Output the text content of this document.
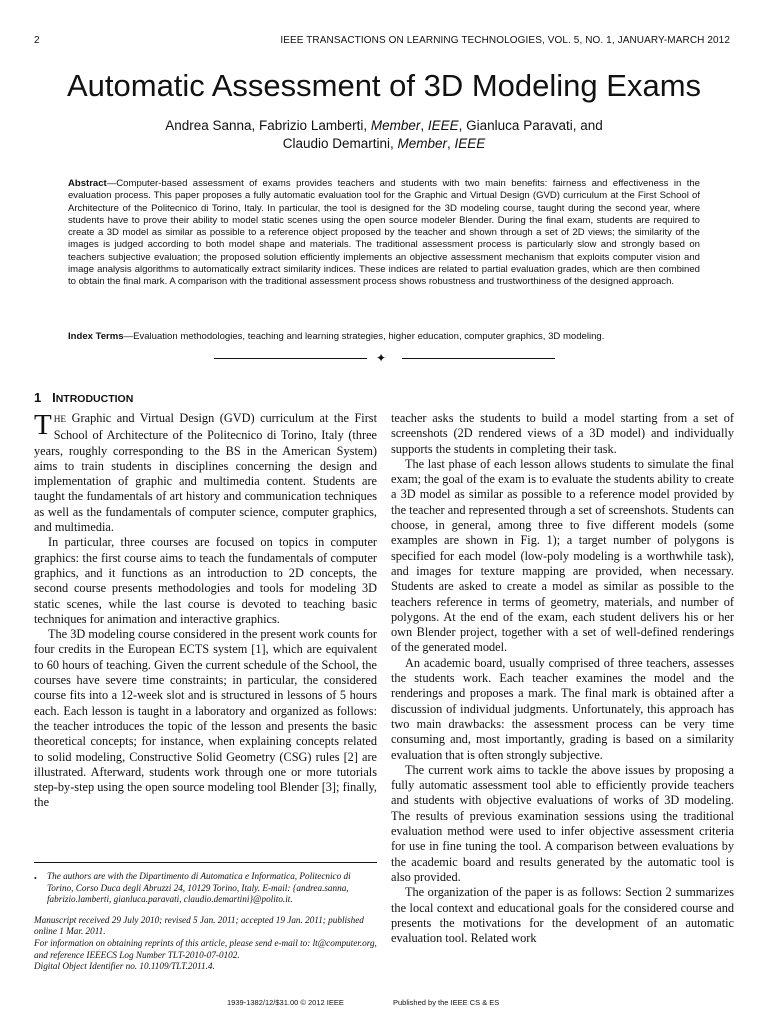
2	IEEE TRANSACTIONS ON LEARNING TECHNOLOGIES, VOL. 5, NO. 1, JANUARY-MARCH 2012
Automatic Assessment of 3D Modeling Exams
Andrea Sanna, Fabrizio Lamberti, Member, IEEE, Gianluca Paravati, and
Claudio Demartini, Member, IEEE
Abstract—Computer-based assessment of exams provides teachers and students with two main benefits: fairness and effectiveness in the evaluation process. This paper proposes a fully automatic evaluation tool for the Graphic and Virtual Design (GVD) curriculum at the First School of Architecture of the Politecnico di Torino, Italy. In particular, the tool is designed for the 3D modeling course, taught during the second year, where students have to prove their ability to model static scenes using the open source modeler Blender. During the final exam, students are required to create a 3D model as similar as possible to a reference object proposed by the teacher and shown through a set of 2D views; the similarity of the images is judged according to both model shape and materials. The traditional assessment process is particularly slow and strongly based on teachers subjective evaluation; the proposed solution efficiently implements an objective assessment mechanism that exploits computer vision and image analysis algorithms to automatically extract similarity indices. These indices are related to partial evaluation grades, which are then combined to obtain the final mark. A comparison with the traditional assessment process shows robustness and trustworthiness of the designed approach.
Index Terms—Evaluation methodologies, teaching and learning strategies, higher education, computer graphics, 3D modeling.
✦
1 INTRODUCTION

THE Graphic and Virtual Design (GVD) curriculum at the First School of Architecture of the Politecnico di Torino, Italy (three years, roughly corresponding to the BS in the American System) aims to train students in disciplines concerning the design and implementation of graphic and multimedia content. Students are taught the fundamentals of art history and communication techniques as well as the fundamentals of computer science, computer graphics, and multimedia.

In particular, three courses are focused on topics in computer graphics: the first course aims to teach the fundamentals of computer graphics, and it functions as an introduction to 2D concepts, the second course presents methodologies and tools for modeling 3D static scenes, while the last course is devoted to teaching basic techniques for animation and interactive graphics.

The 3D modeling course considered in the present work counts for four credits in the European ECTS system [1], which are equivalent to 60 hours of teaching. Given the current schedule of the School, the courses have severe time constraints; in particular, the considered course fits into a 12-week slot and is structured in lessons of 5 hours each. Each lesson is taught in a laboratory and organized as follows: the teacher introduces the topic of the lesson and presents the basic theoretical concepts; for instance, when explaining concepts related to solid modeling, Constructive Solid Geometry (CSG) rules [2] are illustrated. Afterward, students work through one or more tutorials step-by-step using the open source modeling tool Blender [3]; finally, the

teacher asks the students to build a model starting from a set of screenshots (2D rendered views of a 3D model) and individually supports the students in completing their task.

The last phase of each lesson allows students to simulate the final exam; the goal of the exam is to evaluate the students ability to create a 3D model as similar as possible to a reference model provided by the teacher and represented through a set of screenshots. Students can choose, in general, among three to five different models (some examples are shown in Fig. 1); a target number of polygons is specified for each model (low-poly modeling is a worthwhile task), and images for texture mapping are provided, when necessary. Students are asked to create a model as similar as possible to the teachers reference in terms of geometry, materials, and number of polygons. At the end of the exam, each student delivers his or her own Blender project, together with a set of well-defined renderings of the generated model.

An academic board, usually comprised of three teachers, assesses the students work. Each teacher examines the model and the renderings and proposes a mark. The final mark is obtained after a discussion of individual judgments. Unfortunately, this approach has two main drawbacks: the assessment process can be very time consuming and, most importantly, grading is based on a similarity evaluation that is often strongly subjective.

The current work aims to tackle the above issues by proposing a fully automatic assessment tool able to efficiently provide teachers and students with objective evaluations of works of 3D modeling. The results of previous examination sessions using the traditional evaluation method were used to infer objective assessment criteria for use in fine tuning the tool. A comparison between evaluations by the academic board and results generated by the automatic tool is also provided.

The organization of the paper is as follows: Section 2 summarizes the local context and educational goals for the considered course and presents the motivations for the development of an automatic evaluation tool. Related work

•	The authors are with the Dipartimento di Automatica e Informatica, Politecnico di Torino, Corso Duca degli Abruzzi 24, 10129 Torino, Italy. E-mail: {andrea.sanna, fabrizio.lamberti, gianluca.paravati, claudio.demartini}@polito.it.
Manuscript received 29 July 2010; revised 5 Jan. 2011; accepted 19 Jan. 2011; published online 1 Mar. 2011.
For information on obtaining reprints of this article, please send e-mail to: lt@computer.org, and reference IEEECS Log Number TLT-2010-07-0102.
Digital Object Identifier no. 10.1109/TLT.2011.4.
1939-1382/12/$31.00 © 2012 IEEE	Published by the IEEE CS & ES
